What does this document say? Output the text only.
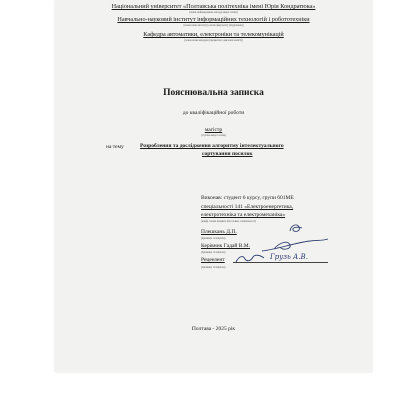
Національний університет «Полтавська політехніка імені Юрія Кондратюка»
(повне найменування закладу вищої освіти)
Навчально-науковий інститут інформаційних технологій і робототехніки
(повна назва інституту, назва факультету (відділення))
Кафедра автоматики, електроніки та телекомунікацій
(повна назва кафедри (предметної, циклової комісії))
Пояснювальна записка
до кваліфікаційної роботи
магістр
(ступінь вищої освіти)
на тему	Розроблення та дослідження алгоритму інтелектуального
сортування посилок
Виконав: студент 6 курсу, групи 601МЕ
спеціальності 141 «Електроенергетика,
електротехніка та електромеханіка»
(шифр і назва напряму підготовки, спеціальності)
Плешкань Д.П.
(прізвище та ініціали)
Керівник Гадай В.М.
(прізвище та ініціали)
Рецензент
(прізвище та ініціали)
Грузь А.В.
Полтава - 2025 рік
